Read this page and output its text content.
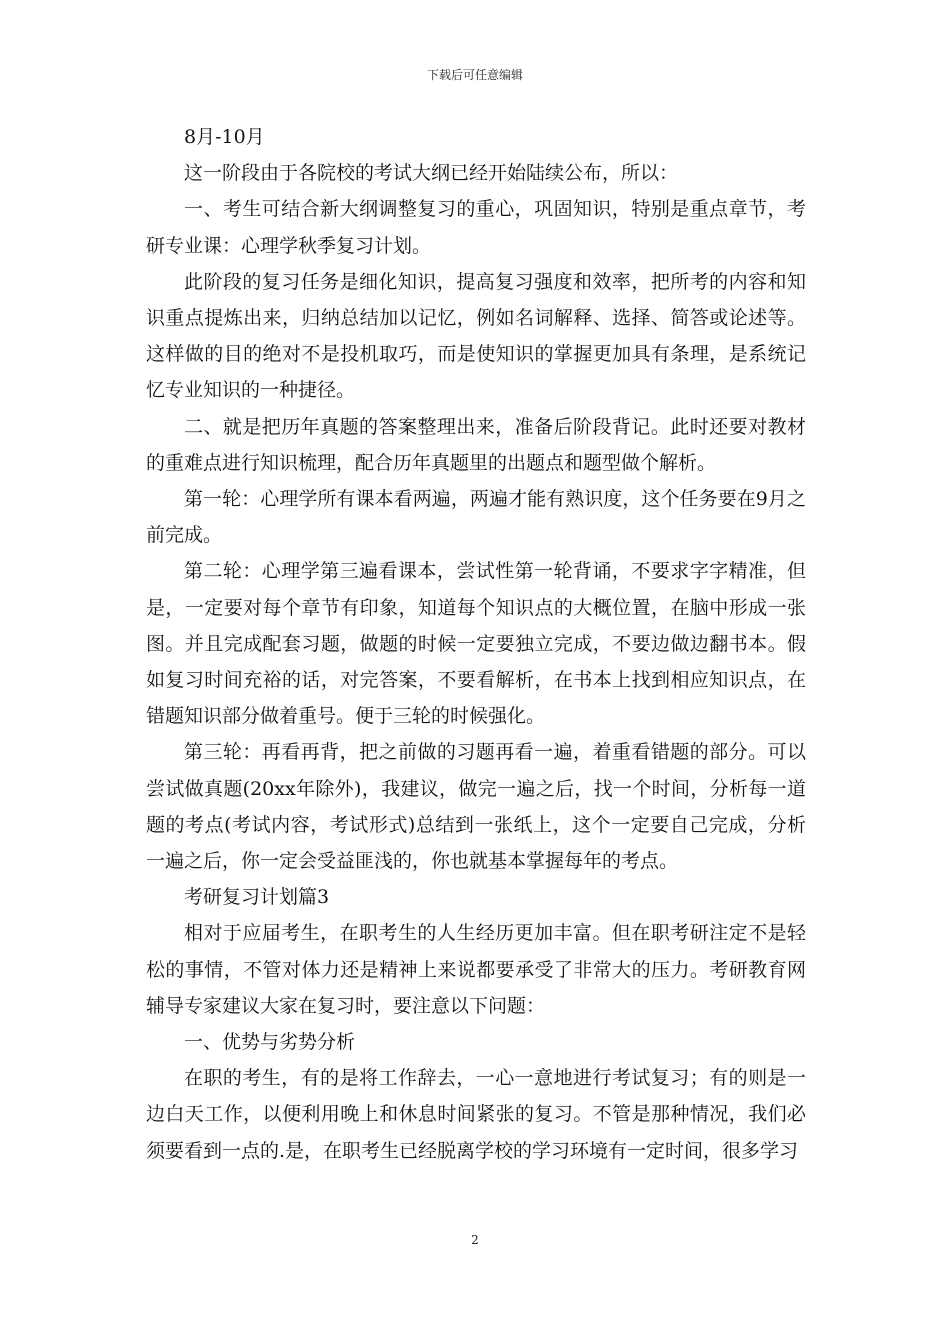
下载后可任意编辑

8月-10月

这一阶段由于各院校的考试大纲已经开始陆续公布，所以：

一、考生可结合新大纲调整复习的重心，巩固知识，特别是重点章节，考研专业课：心理学秋季复习计划。

此阶段的复习任务是细化知识，提高复习强度和效率，把所考的内容和知识重点提炼出来，归纳总结加以记忆，例如名词解释、选择、简答或论述等。这样做的目的绝对不是投机取巧，而是使知识的掌握更加具有条理，是系统记忆专业知识的一种捷径。

二、就是把历年真题的答案整理出来，准备后阶段背记。此时还要对教材的重难点进行知识梳理，配合历年真题里的出题点和题型做个解析。

第一轮：心理学所有课本看两遍，两遍才能有熟识度，这个任务要在9月之前完成。

第二轮：心理学第三遍看课本，尝试性第一轮背诵，不要求字字精准，但是，一定要对每个章节有印象，知道每个知识点的大概位置，在脑中形成一张图。并且完成配套习题，做题的时候一定要独立完成，不要边做边翻书本。假如复习时间充裕的话，对完答案，不要看解析，在书本上找到相应知识点，在错题知识部分做着重号。便于三轮的时候强化。

第三轮：再看再背，把之前做的习题再看一遍，着重看错题的部分。可以尝试做真题(20xx年除外)，我建议，做完一遍之后，找一个时间，分析每一道题的考点(考试内容，考试形式)总结到一张纸上，这个一定要自己完成，分析一遍之后，你一定会受益匪浅的，你也就基本掌握每年的考点。

考研复习计划篇3

相对于应届考生，在职考生的人生经历更加丰富。但在职考研注定不是轻松的事情，不管对体力还是精神上来说都要承受了非常大的压力。考研教育网辅导专家建议大家在复习时，要注意以下问题：

一、优势与劣势分析

在职的考生，有的是将工作辞去，一心一意地进行考试复习；有的则是一边白天工作，以便利用晚上和休息时间紧张的复习。不管是那种情况，我们必须要看到一点的.是，在职考生已经脱离学校的学习环境有一定时间，很多学习

2
